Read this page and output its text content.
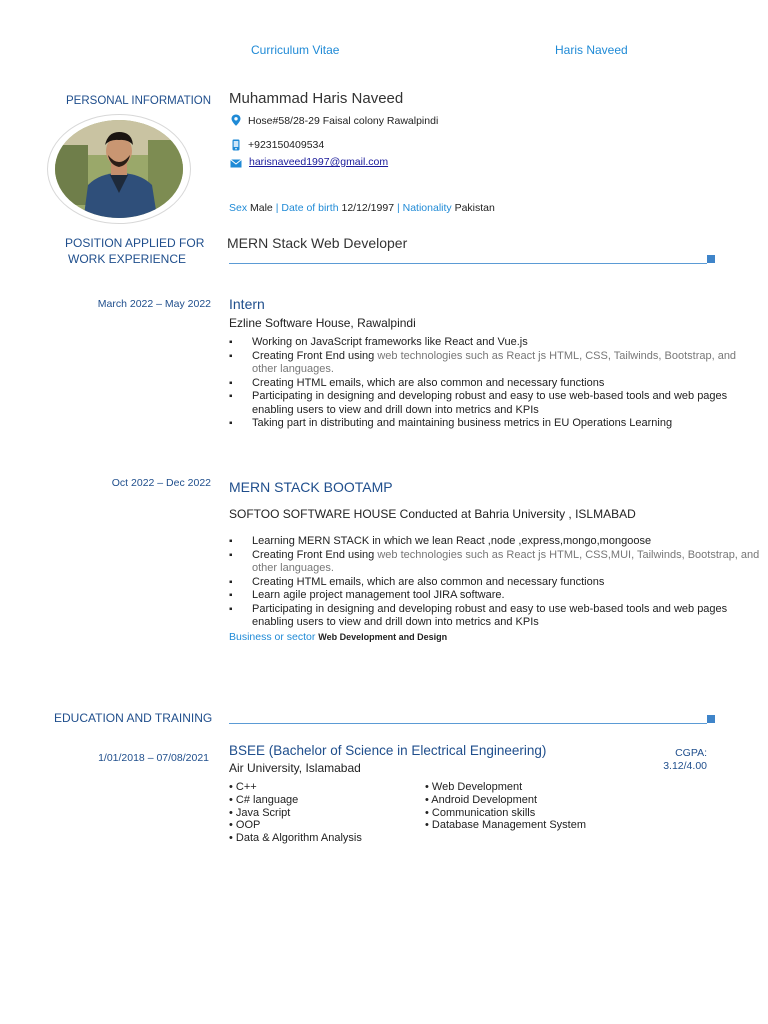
Curriculum Vitae	Haris Naveed
PERSONAL INFORMATION Muhammad Haris Naveed
Hose#58/28-29 Faisal colony Rawalpindi
+923150409534
harisnaveed1997@gmail.com
Sex Male | Date of birth 12/12/1997 | Nationality Pakistan
POSITION APPLIED FOR
WORK EXPERIENCE
MERN Stack Web Developer
March 2022 – May 2022 Intern
Ezline Software House, Rawalpindi
▪ Working on JavaScript frameworks like React and Vue.js
▪ Creating Front End using web technologies such as React js HTML, CSS, Tailwinds, Bootstrap, and other languages.
▪ Creating HTML emails, which are also common and necessary functions
▪ Participating in designing and developing robust and easy to use web-based tools and web pages enabling users to view and drill down into metrics and KPIs
▪ Taking part in distributing and maintaining business metrics in EU Operations Learning
Oct 2022 – Dec 2022 MERN STACK BOOTAMP
SOFTOO SOFTWARE HOUSE Conducted at Bahria University , ISLMABAD
▪ Learning MERN STACK in which we lean React ,node ,express,mongo,mongoose
▪ Creating Front End using web technologies such as React js HTML, CSS,MUI, Tailwinds, Bootstrap, and other languages.
▪ Creating HTML emails, which are also common and necessary functions
▪ Learn agile project management tool JIRA software.
▪ Participating in designing and developing robust and easy to use web-based tools and web pages enabling users to view and drill down into metrics and KPIs
Business or sector Web Development and Design
EDUCATION AND TRAINING
1/01/2018 – 07/08/2021 BSEE (Bachelor of Science in Electrical Engineering)
Air University, Islamabad
CGPA:
3.12/4.00
• C++
• C# language
• Java Script
• OOP
• Data & Algorithm Analysis
• Web Development
• Android Development
• Communication skills
• Database Management System
